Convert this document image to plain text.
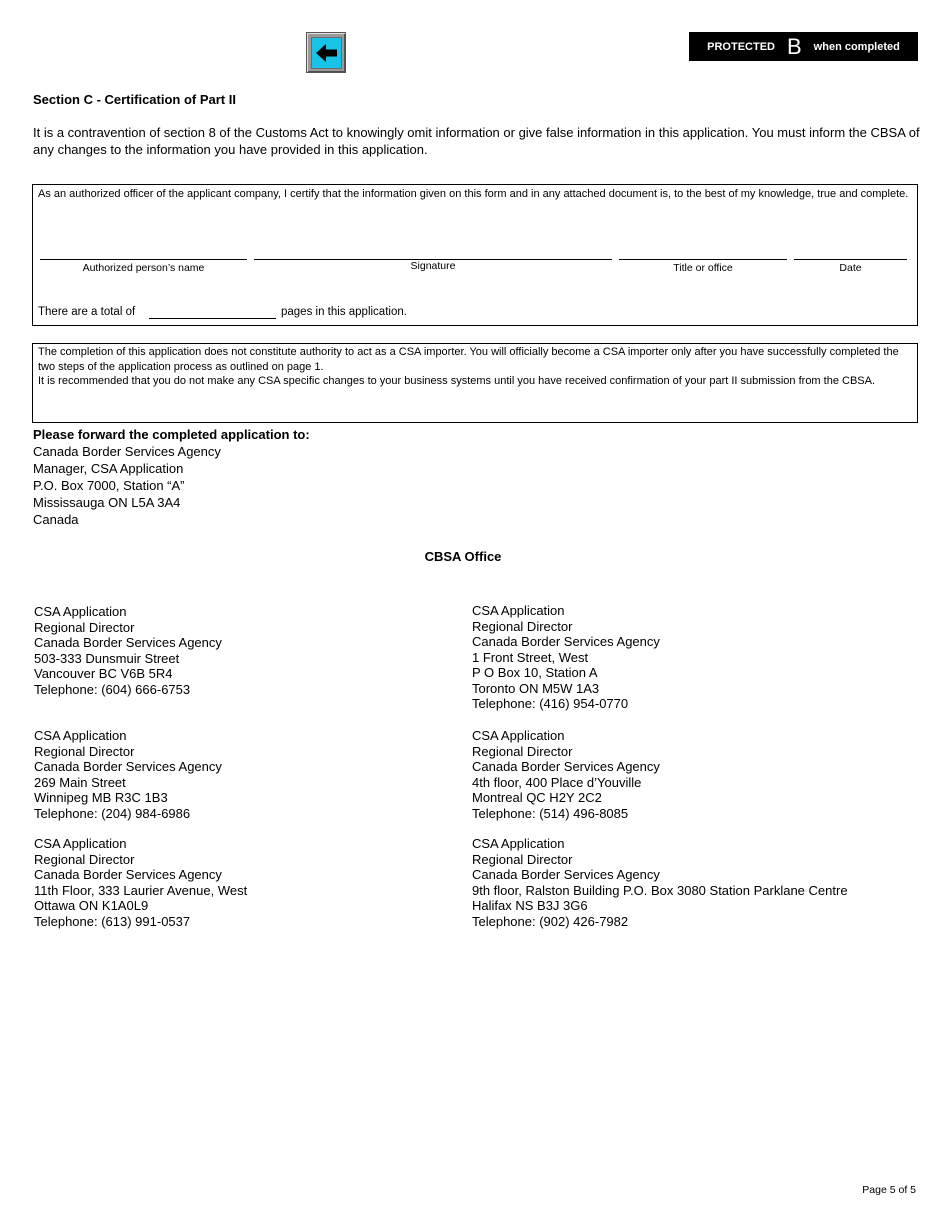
PROTECTED B when completed
Section C - Certification of Part II
It is a contravention of section 8 of the Customs Act to knowingly omit information or give false information in this application. You must inform the CBSA of any changes to the information you have provided in this application.
As an authorized officer of the applicant company, I certify that the information given on this form and in any attached document is, to the best of my knowledge, true and complete.
Authorized person’s name	Signature	Title or office	Date
There are a total of	pages in this application.
The completion of this application does not constitute authority to act as a CSA importer. You will officially become a CSA importer only after you have successfully completed the two steps of the application process as outlined on page 1.
It is recommended that you do not make any CSA specific changes to your business systems until you have received confirmation of your part II submission from the CBSA.
Please forward the completed application to:
Canada Border Services Agency
Manager, CSA Application
P.O. Box 7000, Station “A”
Mississauga ON L5A 3A4
Canada
CBSA Office
CSA Application
Regional Director
Canada Border Services Agency
503-333 Dunsmuir Street
Vancouver BC V6B 5R4
Telephone: (604) 666-6753
CSA Application
Regional Director
Canada Border Services Agency
1 Front Street, West
P O Box 10, Station A
Toronto ON M5W 1A3
Telephone: (416) 954-0770
CSA Application
Regional Director
Canada Border Services Agency
269 Main Street
Winnipeg MB R3C 1B3
Telephone: (204) 984-6986
CSA Application
Regional Director
Canada Border Services Agency
4th floor, 400 Place d’Youville
Montreal QC H2Y 2C2
Telephone: (514) 496-8085
CSA Application
Regional Director
Canada Border Services Agency
11th Floor, 333 Laurier Avenue, West
Ottawa ON K1A0L9
Telephone: (613) 991-0537
CSA Application
Regional Director
Canada Border Services Agency
9th floor, Ralston Building P.O. Box 3080 Station Parklane Centre
Halifax NS B3J 3G6
Telephone: (902) 426-7982
Page 5 of 5
